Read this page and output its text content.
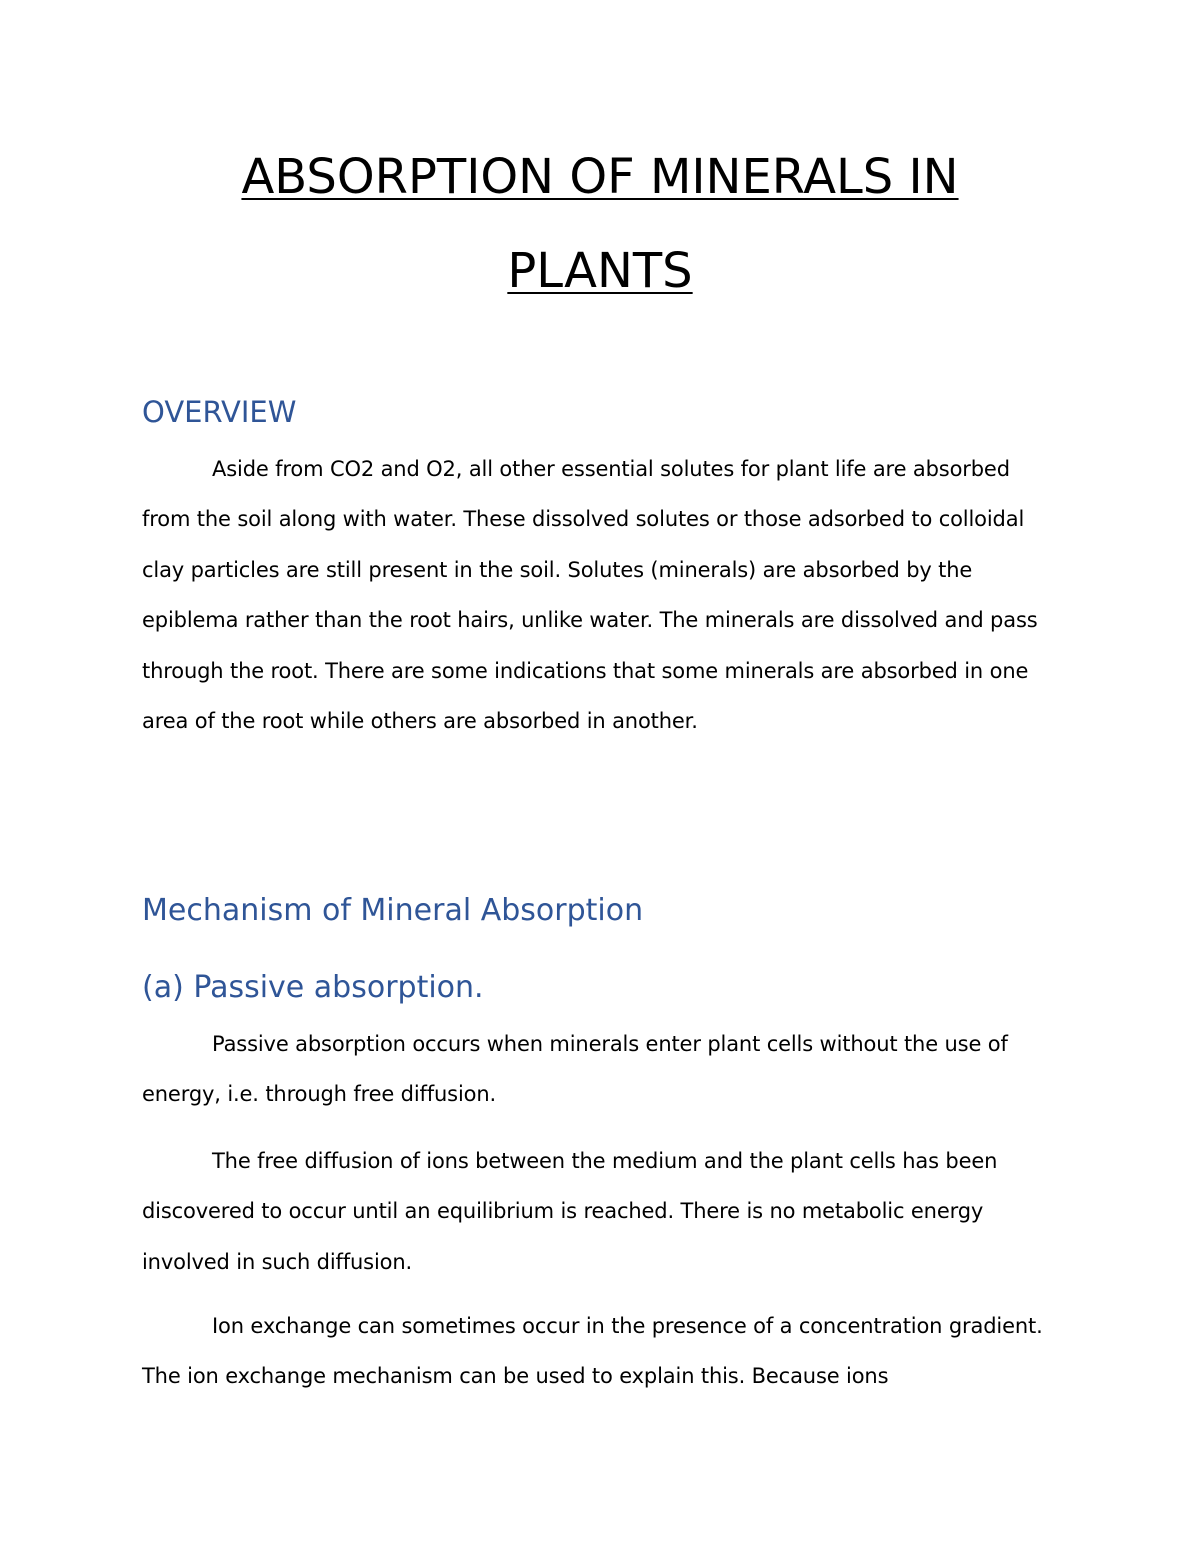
ABSORPTION OF MINERALS IN
PLANTS
OVERVIEW

Aside from CO2 and O2, all other essential solutes for plant life are absorbed from the soil along with water. These dissolved solutes or those adsorbed to colloidal clay particles are still present in the soil. Solutes (minerals) are absorbed by the epiblema rather than the root hairs, unlike water. The minerals are dissolved and pass through the root. There are some indications that some minerals are absorbed in one area of the root while others are absorbed in another.

Mechanism of Mineral Absorption
(a) Passive absorption.

Passive absorption occurs when minerals enter plant cells without the use of energy, i.e. through free diffusion.

The free diffusion of ions between the medium and the plant cells has been discovered to occur until an equilibrium is reached. There is no metabolic energy involved in such diffusion.

Ion exchange can sometimes occur in the presence of a concentration gradient. The ion exchange mechanism can be used to explain this. Because ions
